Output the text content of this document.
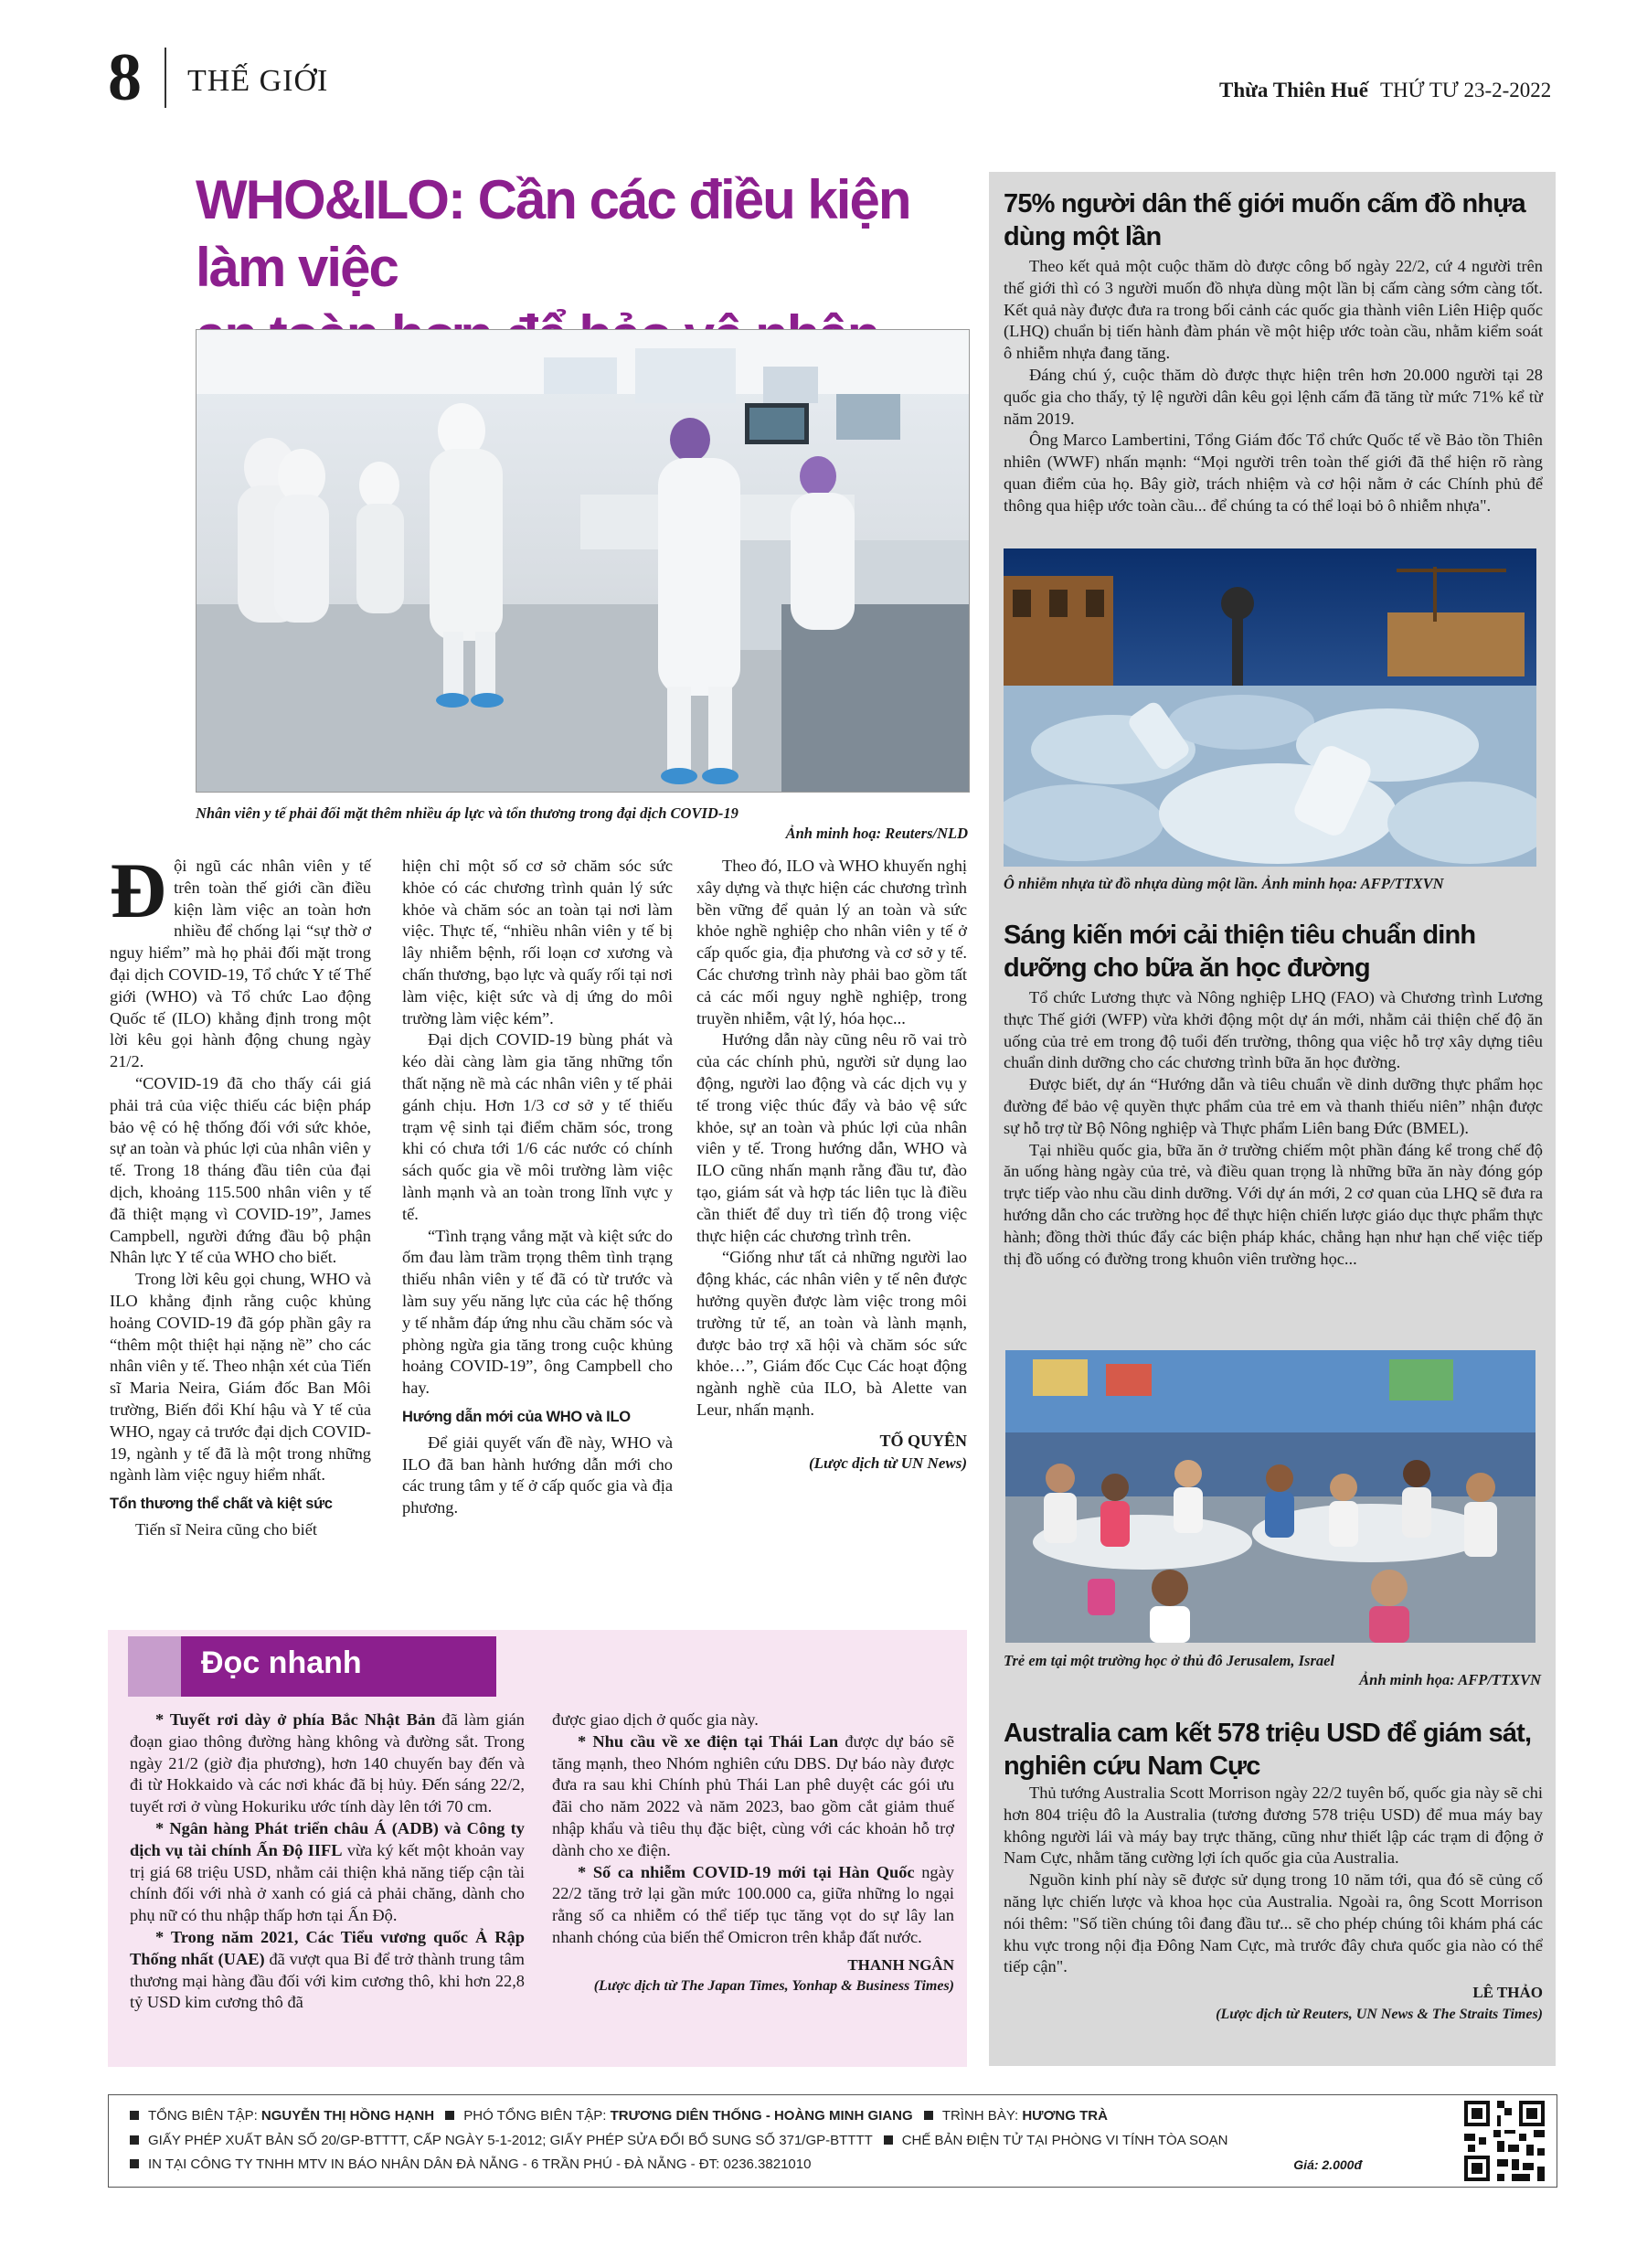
8 THẾ GIỚI	Thừa Thiên Huế THỨ TƯ 23-2-2022
WHO&ILO: Cần các điều kiện làm việc
Nhân viên y tế phải đối mặt thêm nhiều áp lực và tổn thương trong đại dịch COVID-19
Ảnh minh hoạ: Reuters/NLD

Đội ngũ các nhân viên y tế trên toàn thế giới cần điều kiện làm việc an toàn hơn nhiều để chống lại “sự thờ ơ nguy hiểm” mà họ phải đối mặt trong đại dịch COVID-19, Tổ chức Y tế Thế giới (WHO) và Tổ chức Lao động Quốc tế (ILO) khẳng định trong một lời kêu gọi hành động chung ngày 21/2.

“COVID-19 đã cho thấy cái giá phải trả của việc thiếu các biện pháp bảo vệ có hệ thống đối với sức khỏe, sự an toàn và phúc lợi của nhân viên y tế. Trong 18 tháng đầu tiên của đại dịch, khoảng 115.500 nhân viên y tế đã thiệt mạng vì COVID-19”, James Campbell, người đứng đầu bộ phận Nhân lực Y tế của WHO cho biết.

Trong lời kêu gọi chung, WHO và ILO khẳng định rằng cuộc khủng hoảng COVID-19 đã góp phần gây ra “thêm một thiệt hại nặng nề” cho các nhân viên y tế. Theo nhận xét của Tiến sĩ Maria Neira, Giám đốc Ban Môi trường, Biến đổi Khí hậu và Y tế của WHO, ngay cả trước đại dịch COVID-19, ngành y tế đã là một trong những ngành làm việc nguy hiểm nhất.

Tổn thương thể chất và kiệt sức

Tiến sĩ Neira cũng cho biết

hiện chỉ một số cơ sở chăm sóc sức khỏe có các chương trình quản lý sức khỏe và chăm sóc an toàn tại nơi làm việc. Thực tế, “nhiều nhân viên y tế bị lây nhiễm bệnh, rối loạn cơ xương và chấn thương, bạo lực và quấy rối tại nơi làm việc, kiệt sức và dị ứng do môi trường làm việc kém”.

Đại dịch COVID-19 bùng phát và kéo dài càng làm gia tăng những tổn thất nặng nề mà các nhân viên y tế phải gánh chịu. Hơn 1/3 cơ sở y tế thiếu trạm vệ sinh tại điểm chăm sóc, trong khi có chưa tới 1/6 các nước có chính sách quốc gia về môi trường làm việc lành mạnh và an toàn trong lĩnh vực y tế.

“Tình trạng vắng mặt và kiệt sức do ốm đau làm trầm trọng thêm tình trạng thiếu nhân viên y tế đã có từ trước và làm suy yếu năng lực của các hệ thống y tế nhằm đáp ứng nhu cầu chăm sóc và phòng ngừa gia tăng trong cuộc khủng hoảng COVID-19”, ông Campbell cho hay.

Hướng dẫn mới của WHO và ILO

Để giải quyết vấn đề này, WHO và ILO đã ban hành hướng dẫn mới cho các trung tâm y tế ở cấp quốc gia và địa phương.

Theo đó, ILO và WHO khuyến nghị xây dựng và thực hiện các chương trình bền vững để quản lý an toàn và sức khỏe nghề nghiệp cho nhân viên y tế ở cấp quốc gia, địa phương và cơ sở y tế. Các chương trình này phải bao gồm tất cả các mối nguy nghề nghiệp, trong truyền nhiễm, vật lý, hóa học...

Hướng dẫn này cũng nêu rõ vai trò của các chính phủ, người sử dụng lao động, người lao động và các dịch vụ y tế trong việc thúc đẩy và bảo vệ sức khỏe, sự an toàn và phúc lợi của nhân viên y tế. Trong hướng dẫn, WHO và ILO cũng nhấn mạnh rằng đầu tư, đào tạo, giám sát và hợp tác liên tục là điều cần thiết để duy trì tiến độ trong việc thực hiện các chương trình trên.

“Giống như tất cả những người lao động khác, các nhân viên y tế nên được hưởng quyền được làm việc trong môi trường tử tế, an toàn và lành mạnh, được bảo trợ xã hội và chăm sóc sức khỏe…”, Giám đốc Cục Các hoạt động ngành nghề của ILO, bà Alette van Leur, nhấn mạnh.

TỐ QUYÊN
(Lược dịch từ UN News)
Đọc nhanh

* Tuyết rơi dày ở phía Bắc Nhật Bản đã làm gián đoạn giao thông đường hàng không và đường sắt. Trong ngày 21/2 (giờ địa phương), hơn 140 chuyến bay đến và đi từ Hokkaido và các nơi khác đã bị hủy. Đến sáng 22/2, tuyết rơi ở vùng Hokuriku ước tính dày lên tới 70 cm.

* Ngân hàng Phát triển châu Á (ADB) và Công ty dịch vụ tài chính Ấn Độ IIFL vừa ký kết một khoản vay trị giá 68 triệu USD, nhằm cải thiện khả năng tiếp cận tài chính đối với nhà ở xanh có giá cả phải chăng, dành cho phụ nữ có thu nhập thấp hơn tại Ấn Độ.

* Trong năm 2021, Các Tiểu vương quốc Ả Rập Thống nhất (UAE) đã vượt qua Bỉ để trở thành trung tâm thương mại hàng đầu đối với kim cương thô, khi hơn 22,8 tỷ USD kim cương thô đã

được giao dịch ở quốc gia này.

* Nhu cầu về xe điện tại Thái Lan được dự báo sẽ tăng mạnh, theo Nhóm nghiên cứu DBS. Dự báo này được đưa ra sau khi Chính phủ Thái Lan phê duyệt các gói ưu đãi cho năm 2022 và năm 2023, bao gồm cắt giảm thuế nhập khẩu và tiêu thụ đặc biệt, cùng với các khoản hỗ trợ dành cho xe điện.

* Số ca nhiễm COVID-19 mới tại Hàn Quốc ngày 22/2 tăng trở lại gần mức 100.000 ca, giữa những lo ngại rằng số ca nhiễm có thể tiếp tục tăng vọt do sự lây lan nhanh chóng của biến thể Omicron trên khắp đất nước.

THANH NGÂN
(Lược dịch từ The Japan Times, Yonhap & Business Times)
75% người dân thế giới muốn cấm đồ nhựa dùng một lần

Theo kết quả một cuộc thăm dò được công bố ngày 22/2, cứ 4 người trên thế giới thì có 3 người muốn đồ nhựa dùng một lần bị cấm càng sớm càng tốt. Kết quả này được đưa ra trong bối cảnh các quốc gia thành viên Liên Hiệp quốc (LHQ) chuẩn bị tiến hành đàm phán về một hiệp ước toàn cầu, nhằm kiểm soát ô nhiễm nhựa đang tăng.

Đáng chú ý, cuộc thăm dò được thực hiện trên hơn 20.000 người tại 28 quốc gia cho thấy, tỷ lệ người dân kêu gọi lệnh cấm đã tăng từ mức 71% kể từ năm 2019.

Ông Marco Lambertini, Tổng Giám đốc Tổ chức Quốc tế về Bảo tồn Thiên nhiên (WWF) nhấn mạnh: “Mọi người trên toàn thế giới đã thể hiện rõ ràng quan điểm của họ. Bây giờ, trách nhiệm và cơ hội nằm ở các Chính phủ để thông qua hiệp ước toàn cầu... để chúng ta có thể loại bỏ ô nhiễm nhựa".

Ô nhiễm nhựa từ đồ nhựa dùng một lần. Ảnh minh họa: AFP/TTXVN
Sáng kiến mới cải thiện tiêu chuẩn dinh dưỡng cho bữa ăn học đường

Tổ chức Lương thực và Nông nghiệp LHQ (FAO) và Chương trình Lương thực Thế giới (WFP) vừa khởi động một dự án mới, nhằm cải thiện chế độ ăn uống của trẻ em trong độ tuổi đến trường, thông qua việc hỗ trợ xây dựng tiêu chuẩn dinh dưỡng cho các chương trình bữa ăn học đường.

Được biết, dự án “Hướng dẫn và tiêu chuẩn về dinh dưỡng thực phẩm học đường để bảo vệ quyền thực phẩm của trẻ em và thanh thiếu niên” nhận được sự hỗ trợ từ Bộ Nông nghiệp và Thực phẩm Liên bang Đức (BMEL).

Tại nhiều quốc gia, bữa ăn ở trường chiếm một phần đáng kể trong chế độ ăn uống hàng ngày của trẻ, và điều quan trọng là những bữa ăn này đóng góp trực tiếp vào nhu cầu dinh dưỡng. Với dự án mới, 2 cơ quan của LHQ sẽ đưa ra hướng dẫn cho các trường học để thực hiện chiến lược giáo dục thực phẩm thực hành; đồng thời thúc đẩy các biện pháp khác, chẳng hạn như hạn chế việc tiếp thị đồ uống có đường trong khuôn viên trường học...

Trẻ em tại một trường học ở thủ đô Jerusalem, Israel
Ảnh minh họa: AFP/TTXVN
Australia cam kết 578 triệu USD để giám sát, nghiên cứu Nam Cực

Thủ tướng Australia Scott Morrison ngày 22/2 tuyên bố, quốc gia này sẽ chi hơn 804 triệu đô la Australia (tương đương 578 triệu USD) để mua máy bay không người lái và máy bay trực thăng, cũng như thiết lập các trạm di động ở Nam Cực, nhằm tăng cường lợi ích quốc gia của Australia.

Nguồn kinh phí này sẽ được sử dụng trong 10 năm tới, qua đó sẽ củng cố năng lực chiến lược và khoa học của Australia. Ngoài ra, ông Scott Morrison nói thêm: "Số tiền chúng tôi đang đầu tư... sẽ cho phép chúng tôi khám phá các khu vực trong nội địa Đông Nam Cực, mà trước đây chưa quốc gia nào có thể tiếp cận".

LÊ THẢO
(Lược dịch từ Reuters, UN News & The Straits Times)
TỔNG BIÊN TẬP: NGUYỄN THỊ HỒNG HẠNH PHÓ TỔNG BIÊN TẬP: TRƯƠNG DIÊN THỐNG - HOÀNG MINH GIANG TRÌNH BÀY: HƯƠNG TRÀ
GIẤY PHÉP XUẤT BẢN SỐ 20/GP-BTTTT, CẤP NGÀY 5-1-2012; GIẤY PHÉP SỬA ĐỔI BỔ SUNG SỐ 371/GP-BTTTT CHẾ BẢN ĐIỆN TỬ TẠI PHÒNG VI TÍNH TÒA SOẠN
IN TẠI CÔNG TY TNHH MTV IN BÁO NHÂN DÂN ĐÀ NẴNG - 6 TRẦN PHÚ - ĐÀ NẴNG - ĐT: 0236.3821010	Giá: 2.000đ
